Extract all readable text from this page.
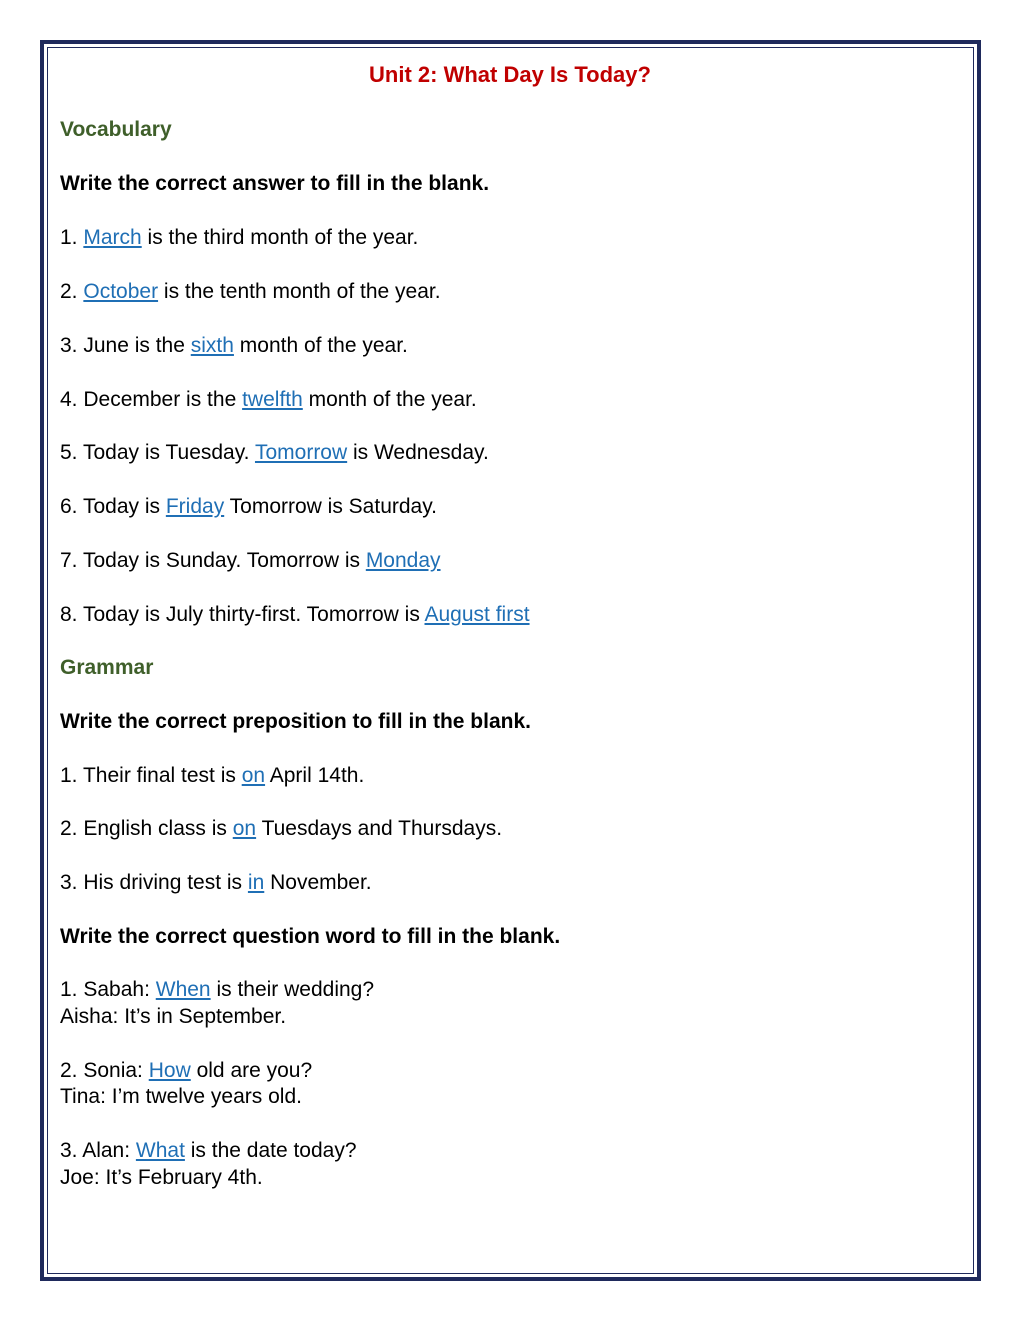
Unit 2: What Day Is Today?

Vocabulary

Write the correct answer to fill in the blank.

1. March is the third month of the year.

2. October is the tenth month of the year.

3. June is the sixth month of the year.

4. December is the twelfth month of the year.

5. Today is Tuesday. Tomorrow is Wednesday.

6. Today is Friday Tomorrow is Saturday.

7. Today is Sunday. Tomorrow is Monday

8. Today is July thirty-first. Tomorrow is August first

Grammar

Write the correct preposition to fill in the blank.

1. Their final test is on April 14th.

2. English class is on Tuesdays and Thursdays.

3. His driving test is in November.

Write the correct question word to fill in the blank.

1. Sabah: When is their wedding?

Aisha: It’s in September.

2. Sonia: How old are you?

Tina: I’m twelve years old.

3. Alan: What is the date today?

Joe: It’s February 4th.
